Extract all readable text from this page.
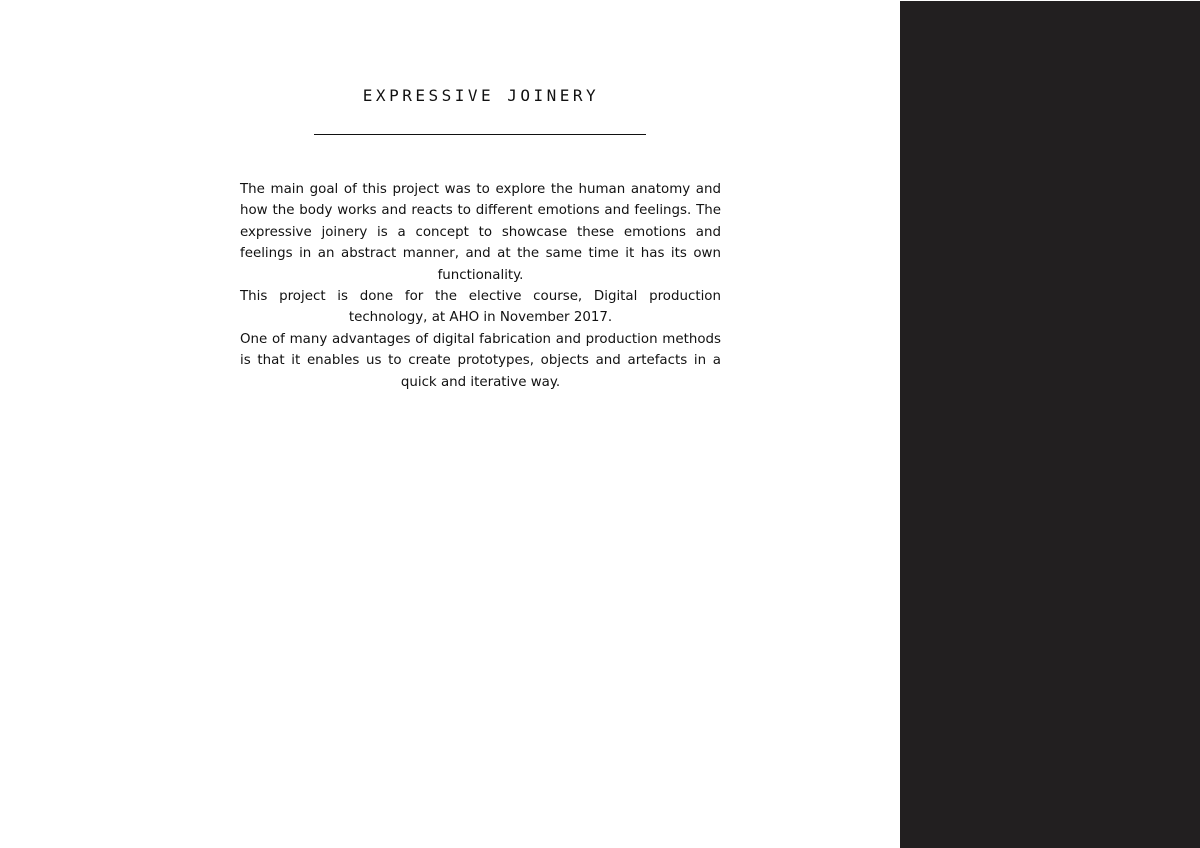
EXPRESSIVE JOINERY

The main goal of this project was to explore the human anatomy and how the body works and reacts to different emotions and feelings. The expressive joinery is a concept to showcase these emotions and feelings in an abstract manner, and at the same time it has its own functionality.

This project is done for the elective course, Digital production technology, at AHO in November 2017.

One of many advantages of digital fabrication and production methods is that it enables us to create prototypes, objects and artefacts in a quick and iterative way.
